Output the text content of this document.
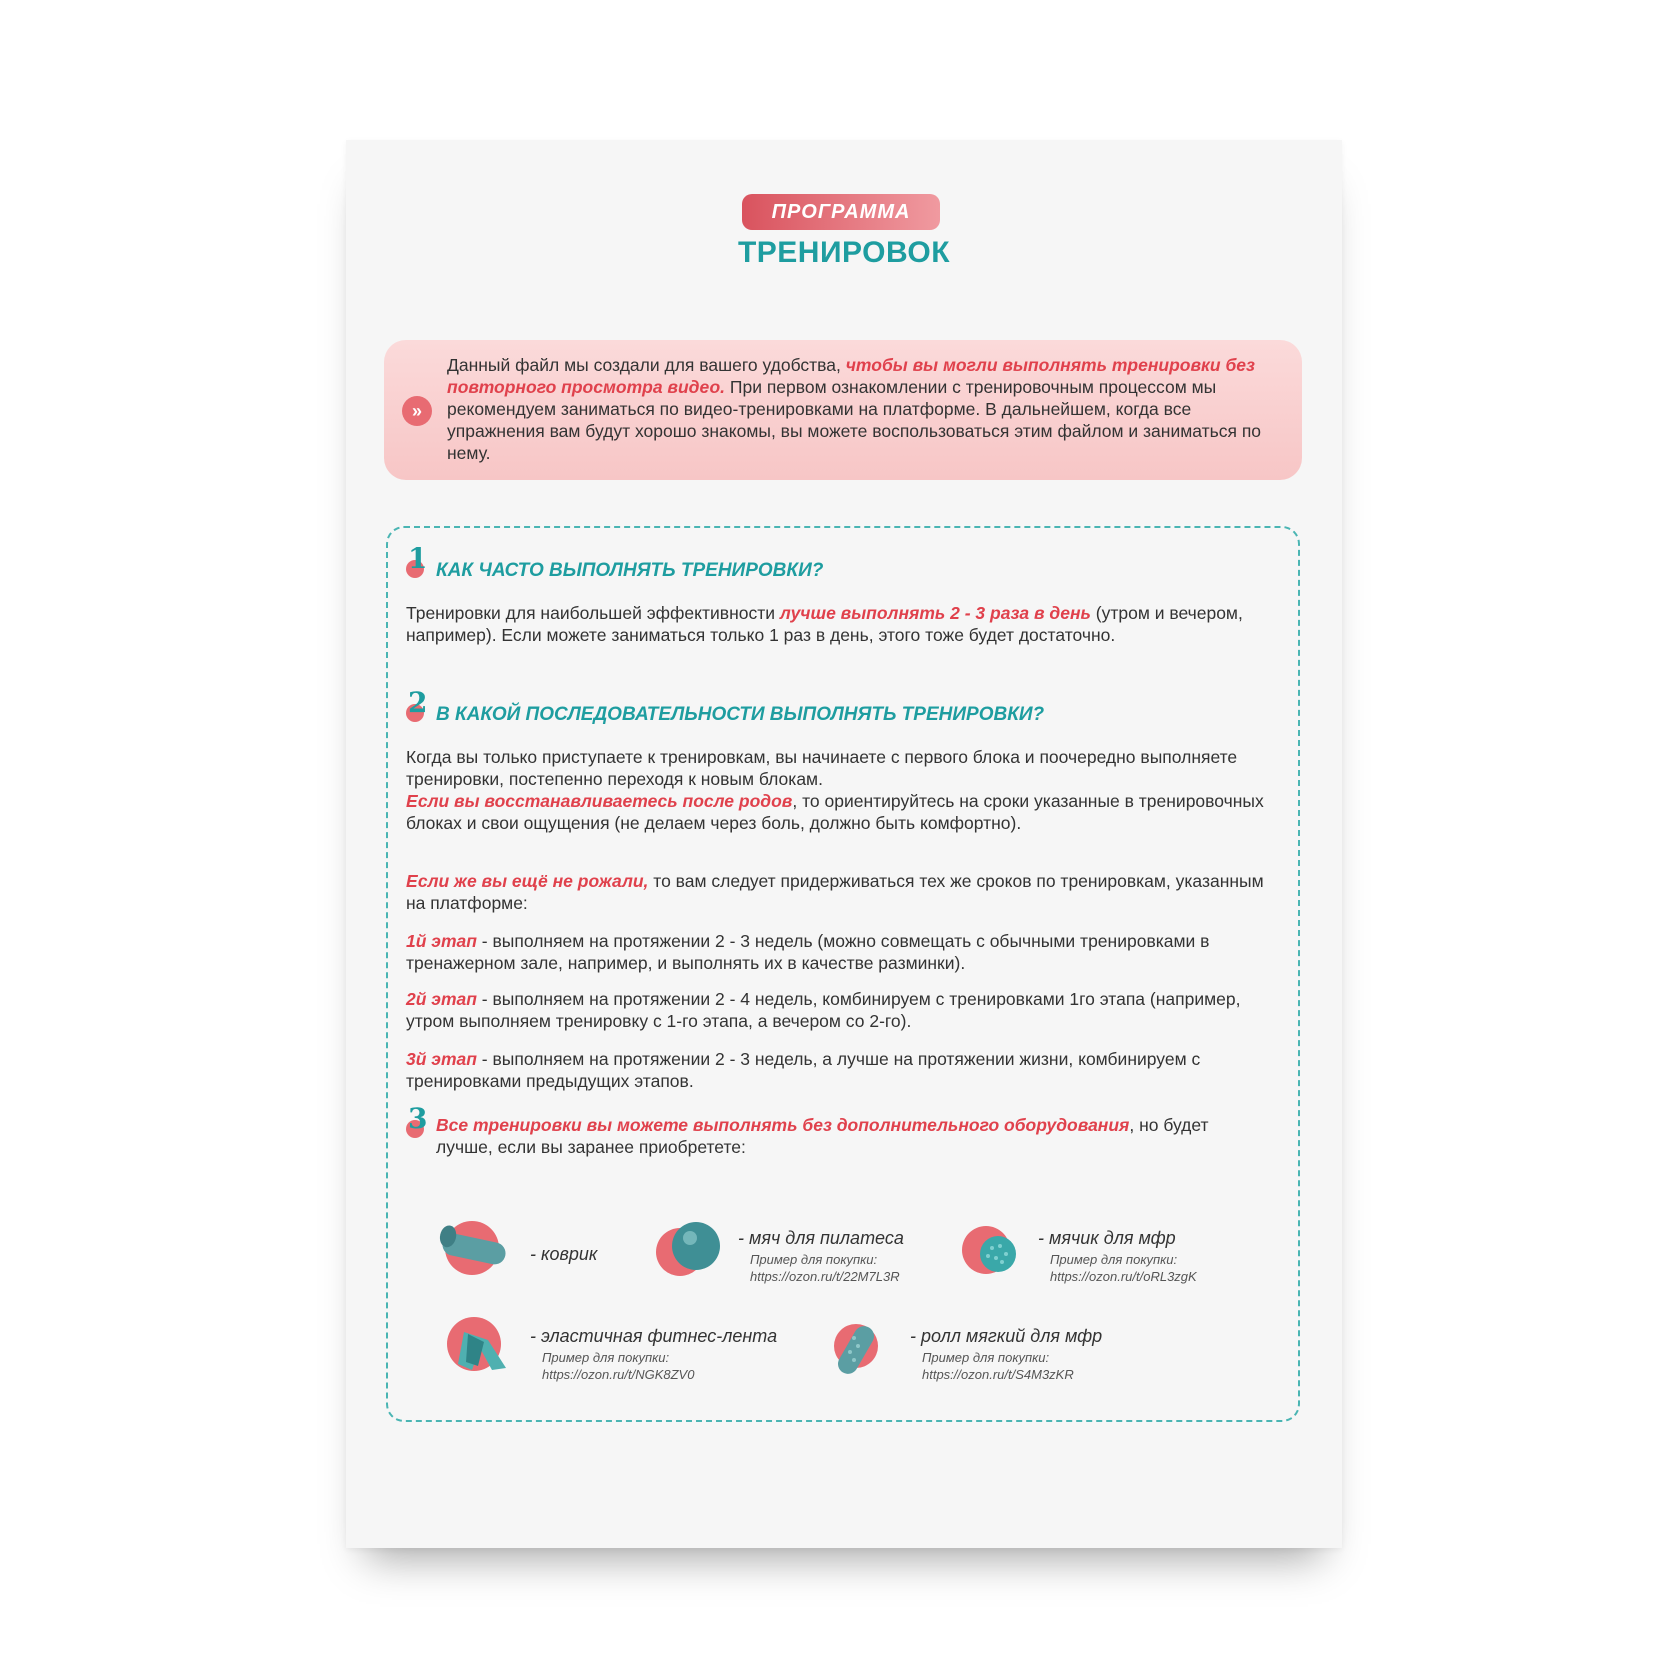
ПРОГРАММА
ТРЕНИРОВОК
»
Данный файл мы создали для вашего удобства, чтобы вы могли выполнять тренировки без повторного просмотра видео. При первом ознакомлении с тренировочным процессом мы рекомендуем заниматься по видео-тренировками на платформе. В дальнейшем, когда все упражнения вам будут хорошо знакомы, вы можете воспользоваться этим файлом и заниматься по нему.
1 КАК ЧАСТО ВЫПОЛНЯТЬ ТРЕНИРОВКИ?
Тренировки для наибольшей эффективности лучше выполнять 2 - 3 раза в день (утром и вечером, например). Если можете заниматься только 1 раз в день, этого тоже будет достаточно.
2 В КАКОЙ ПОСЛЕДОВАТЕЛЬНОСТИ ВЫПОЛНЯТЬ ТРЕНИРОВКИ?
Когда вы только приступаете к тренировкам, вы начинаете с первого блока и поочередно выполняете тренировки, постепенно переходя к новым блокам.
Если вы восстанавливаетесь после родов, то ориентируйтесь на сроки указанные в тренировочных блоках и свои ощущения (не делаем через боль, должно быть комфортно).
Если же вы ещё не рожали, то вам следует придерживаться тех же сроков по тренировкам, указанным на платформе:
1й этап - выполняем на протяжении 2 - 3 недель (можно совмещать с обычными тренировками в тренажерном зале, например, и выполнять их в качестве разминки).
2й этап - выполняем на протяжении 2 - 4 недель, комбинируем с тренировками 1го этапа (например, утром выполняем тренировку с 1-го этапа, а вечером со 2-го).
3й этап - выполняем на протяжении 2 - 3 недель, а лучше на протяжении жизни, комбинируем с тренировками предыдущих этапов.
3 Все тренировки вы можете выполнять без дополнительного оборудования, но будет лучше, если вы заранее приобретете:
- коврик
- мяч для пилатеса
Пример для покупки:
https://ozon.ru/t/22M7L3R
- мячик для мфр
Пример для покупки:
https://ozon.ru/t/oRL3zgK
- эластичная фитнес-лента
Пример для покупки:
https://ozon.ru/t/NGK8ZV0
- ролл мягкий для мфр
Пример для покупки:
https://ozon.ru/t/S4M3zKR
